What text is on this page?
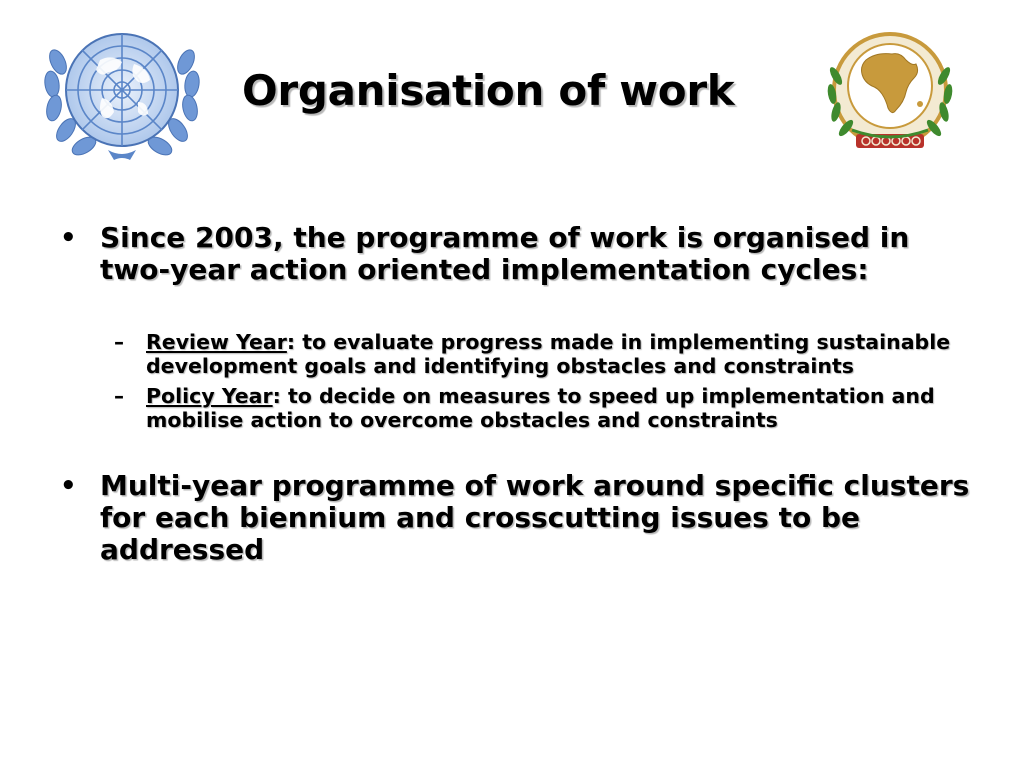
Organisation of work
• Since 2003, the programme of work is organised in two-year action oriented implementation cycles:
–	Review Year: to evaluate progress made in implementing sustainable development goals and identifying obstacles and constraints
–	Policy Year: to decide on measures to speed up implementation and mobilise action to overcome obstacles and constraints
• Multi-year programme of work around specific clusters for each biennium and crosscutting issues to be addressed
